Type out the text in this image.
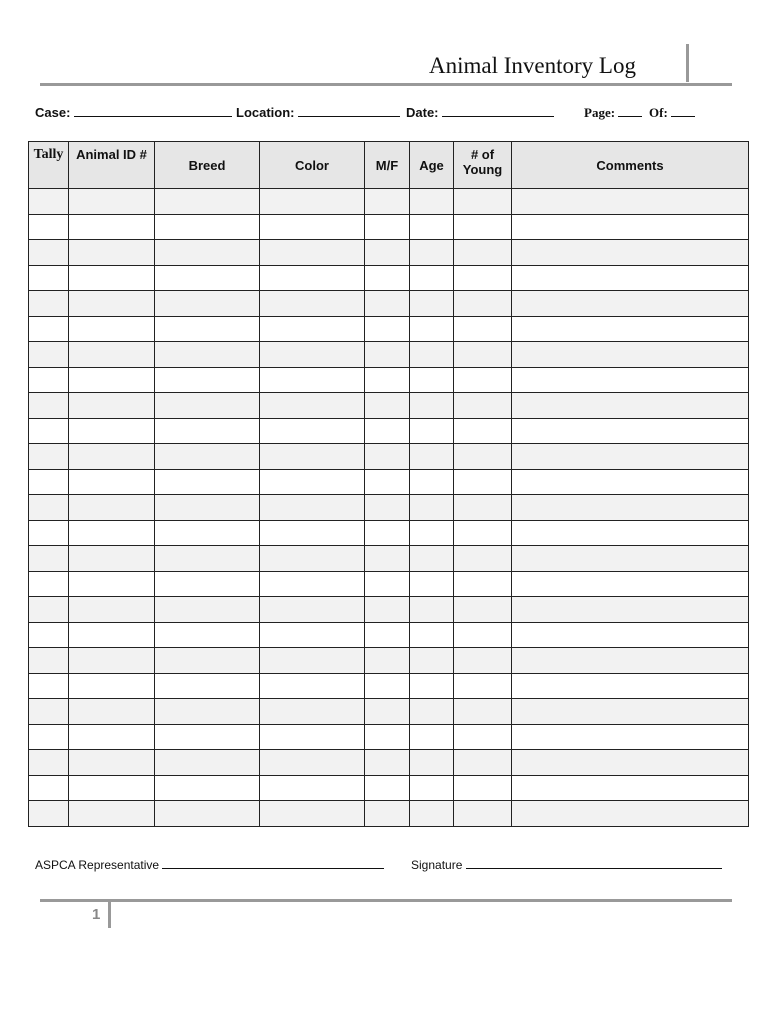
Animal Inventory Log
Case:	Location:	Date:	Page:	Of:
Tally	Animal ID #	Breed	Color	M/F	Age	# of Young	Comments

ASPCA Representative	Signature
1
